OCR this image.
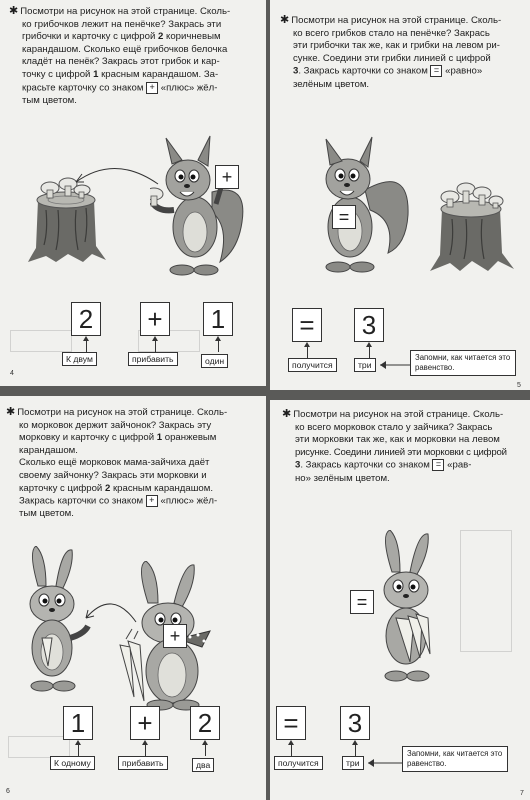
✱ Посмотри на рисунок на этой странице. Сколь-

ко грибочков лежит на пенёчке? Закрась эти

грибочки и карточку с цифрой 2 коричневым

карандашом. Сколько ещё грибочков белочка

кладёт на пенёк? Закрась этот грибок и кар-

точку с цифрой 1 красным карандашом. За-

красьте карточку со знаком + «плюс» жёл-

тым цветом.

+
2 + 1
К двум	прибавить	один
4

✱ Посмотри на рисунок на этой странице. Сколь-

ко всего грибков стало на пенёчке? Закрась

эти грибочки так же, как и грибки на левом ри-

сунке. Соедини эти грибки линией с цифрой

3. Закрась карточки со знаком = «равно»

зелёным цветом.

=
= 3
получится	три
Запомни, как читается это равенство.
5

✱ Посмотри на рисунок на этой странице. Сколь-

ко морковок держит зайчонок? Закрась эту

морковку и карточку с цифрой 1 оранжевым

карандашом.

Сколько ещё морковок мама-зайчиха даёт

своему зайчонку? Закрась эти морковки и

карточку с цифрой 2 красным карандашом.

Закрась карточки со знаком + «плюс» жёл-

тым цветом.

+
1 + 2
К одному	прибавить	два
6

✱ Посмотри на рисунок на этой странице. Сколь-

ко всего морковок стало у зайчика? Закрась

эти морковки так же, как и морковки на левом

рисунке. Соедини линией эти морковки с цифрой

3. Закрась карточки со знаком = «рав-

но» зелёным цветом.

=
= 3
получится	три
Запомни, как читается это равенство.
7
